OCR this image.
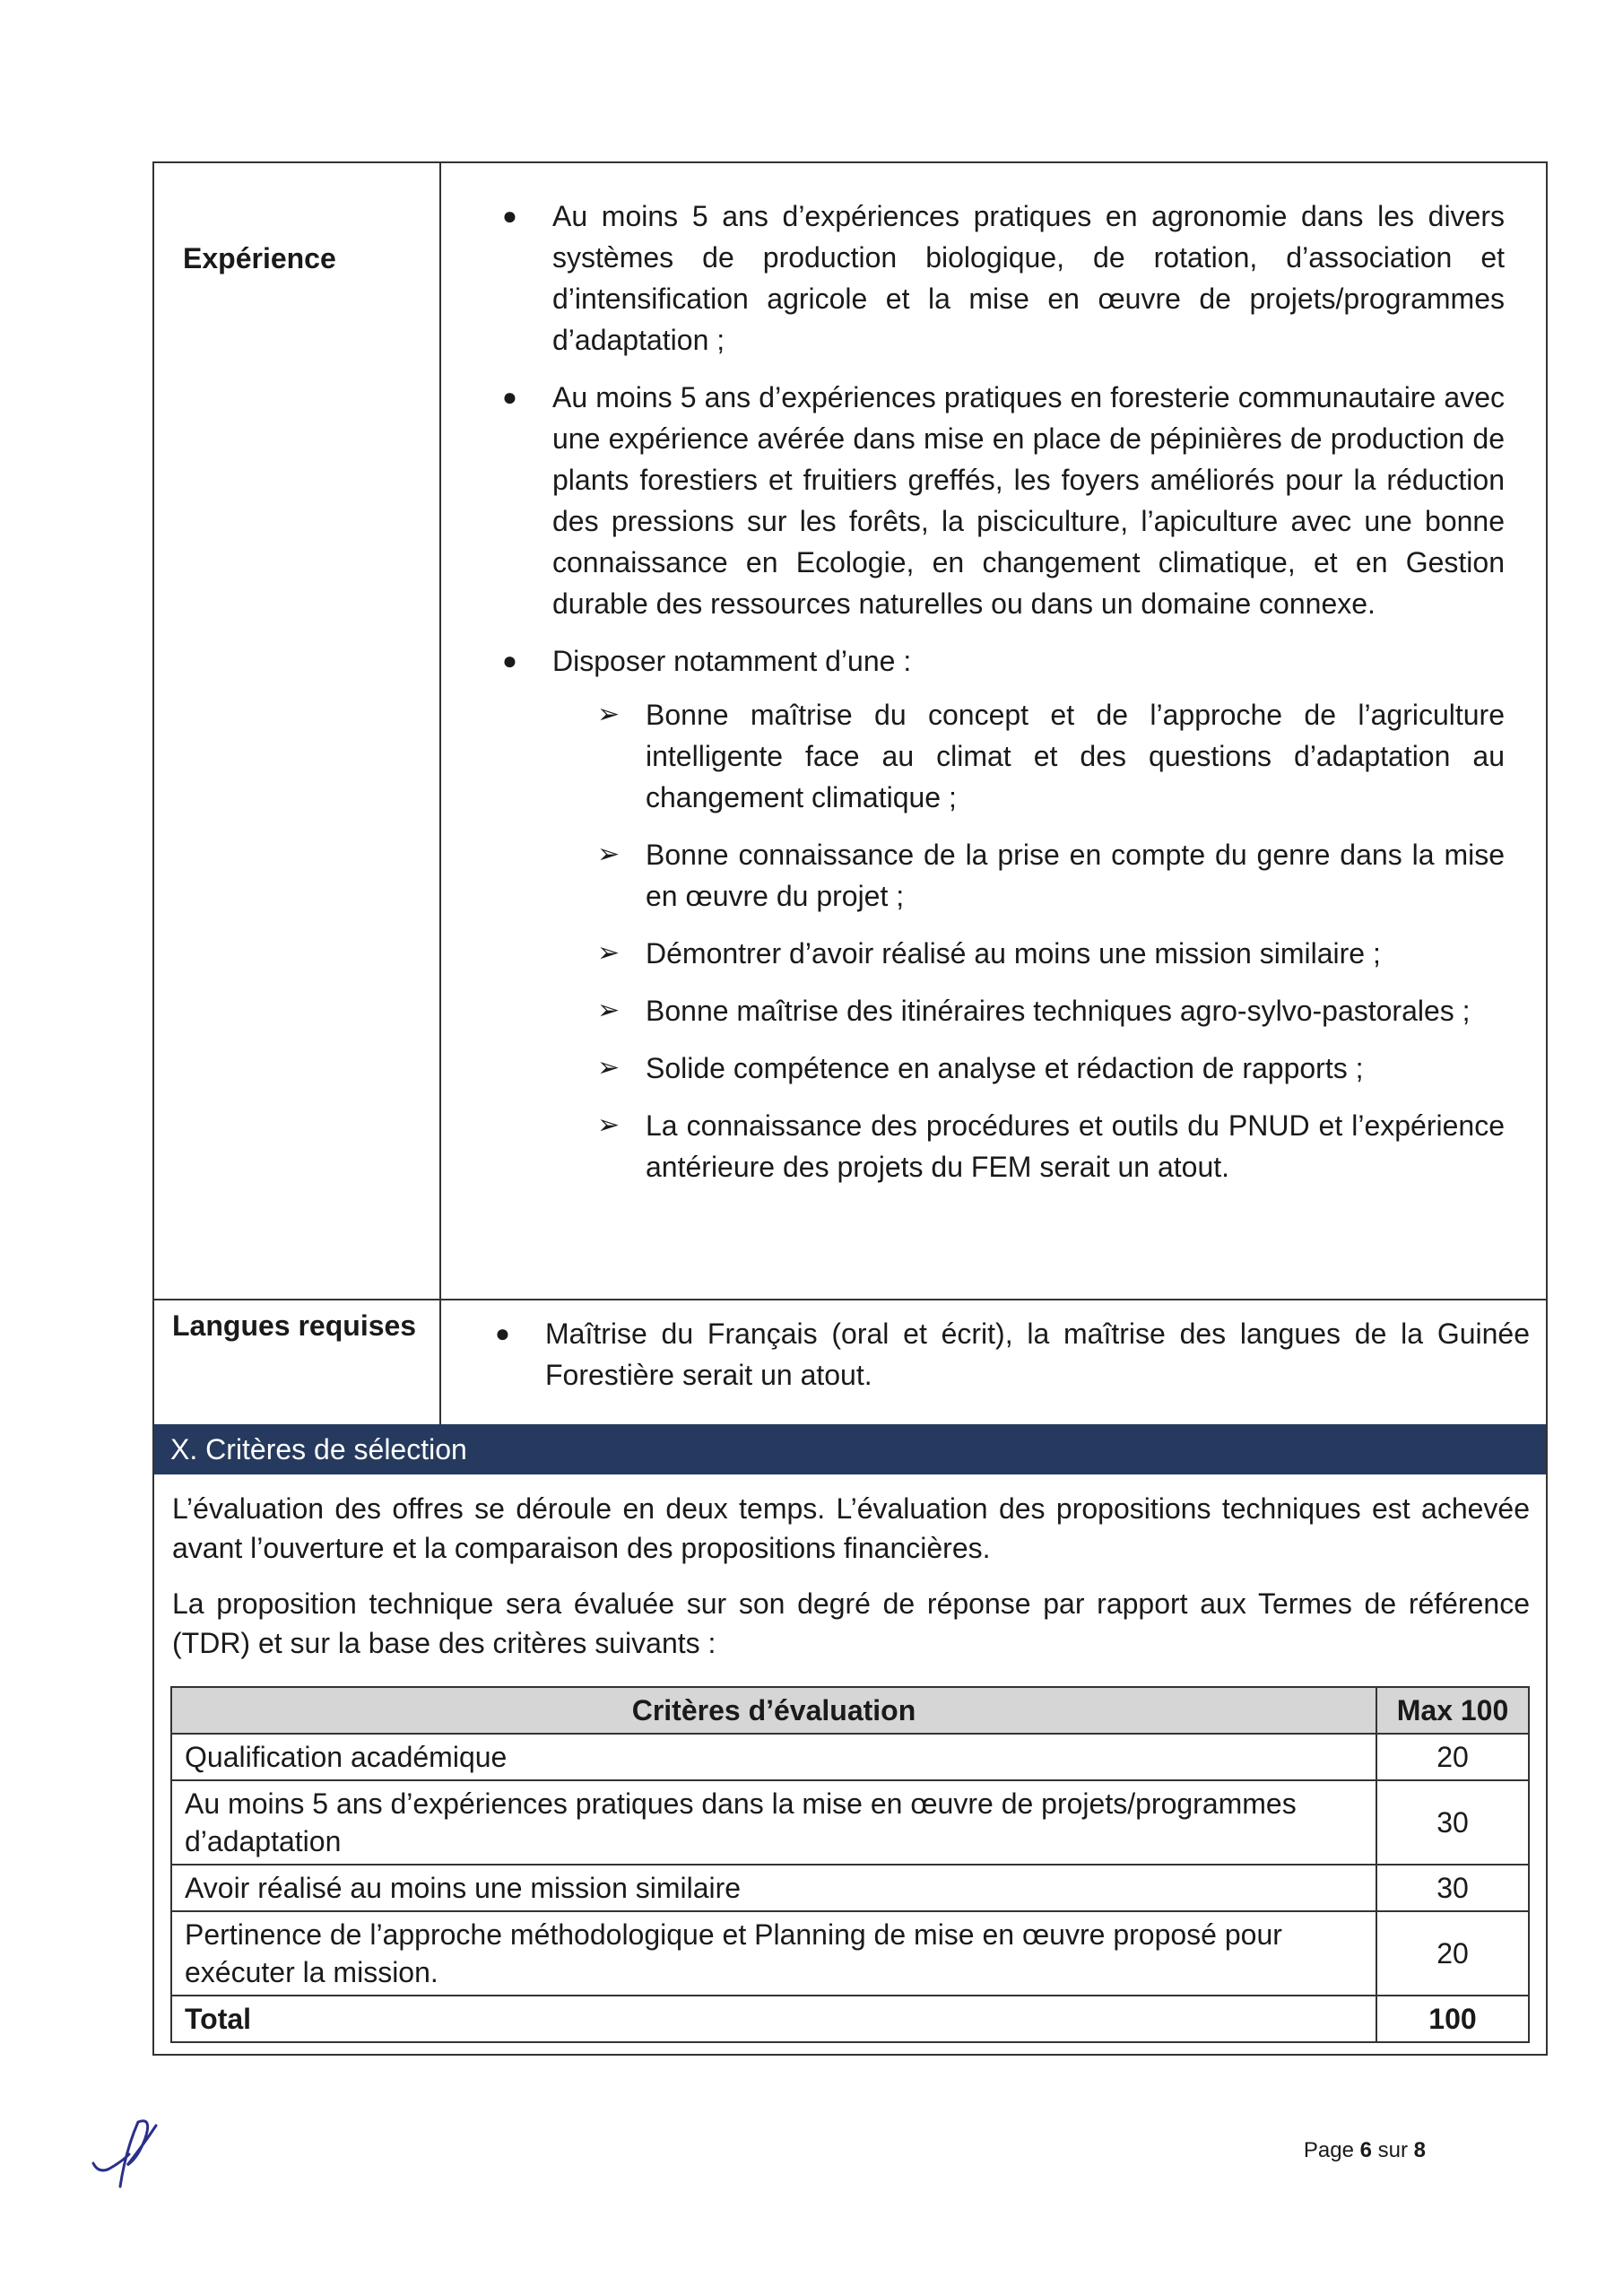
Expérience
● Au moins 5 ans d’expériences pratiques en agronomie dans les divers systèmes de production biologique, de rotation, d’association et d’intensification agricole et la mise en œuvre de projets/programmes d’adaptation ;
● Au moins 5 ans d’expériences pratiques en foresterie communautaire avec une expérience avérée dans mise en place de pépinières de production de plants forestiers et fruitiers greffés, les foyers améliorés pour la réduction des pressions sur les forêts, la pisciculture, l’apiculture avec une bonne connaissance en Ecologie, en changement climatique, et en Gestion durable des ressources naturelles ou dans un domaine connexe.
● Disposer notamment d’une :
➢ Bonne maîtrise du concept et de l’approche de l’agriculture intelligente face au climat et des questions d’adaptation au changement climatique ;
➢ Bonne connaissance de la prise en compte du genre dans la mise en œuvre du projet ;
➢ Démontrer d’avoir réalisé au moins une mission similaire ;
➢ Bonne maîtrise des itinéraires techniques agro-sylvo-pastorales ;
➢ Solide compétence en analyse et rédaction de rapports ;
➢ La connaissance des procédures et outils du PNUD et l’expérience antérieure des projets du FEM serait un atout.
Langues requises	● Maîtrise du Français (oral et écrit), la maîtrise des langues de la Guinée Forestière serait un atout.
X. Critères de sélection
L’évaluation des offres se déroule en deux temps. L’évaluation des propositions techniques est achevée avant l’ouverture et la comparaison des propositions financières.
La proposition technique sera évaluée sur son degré de réponse par rapport aux Termes de référence (TDR) et sur la base des critères suivants :
Critères d’évaluation	Max 100
Qualification académique	20
Au moins 5 ans d’expériences pratiques dans la mise en œuvre de projets/programmes d’adaptation	30
Avoir réalisé au moins une mission similaire	30
Pertinence de l’approche méthodologique et Planning de mise en œuvre proposé pour exécuter la mission.	20
Total	100
Page 6 sur 8
